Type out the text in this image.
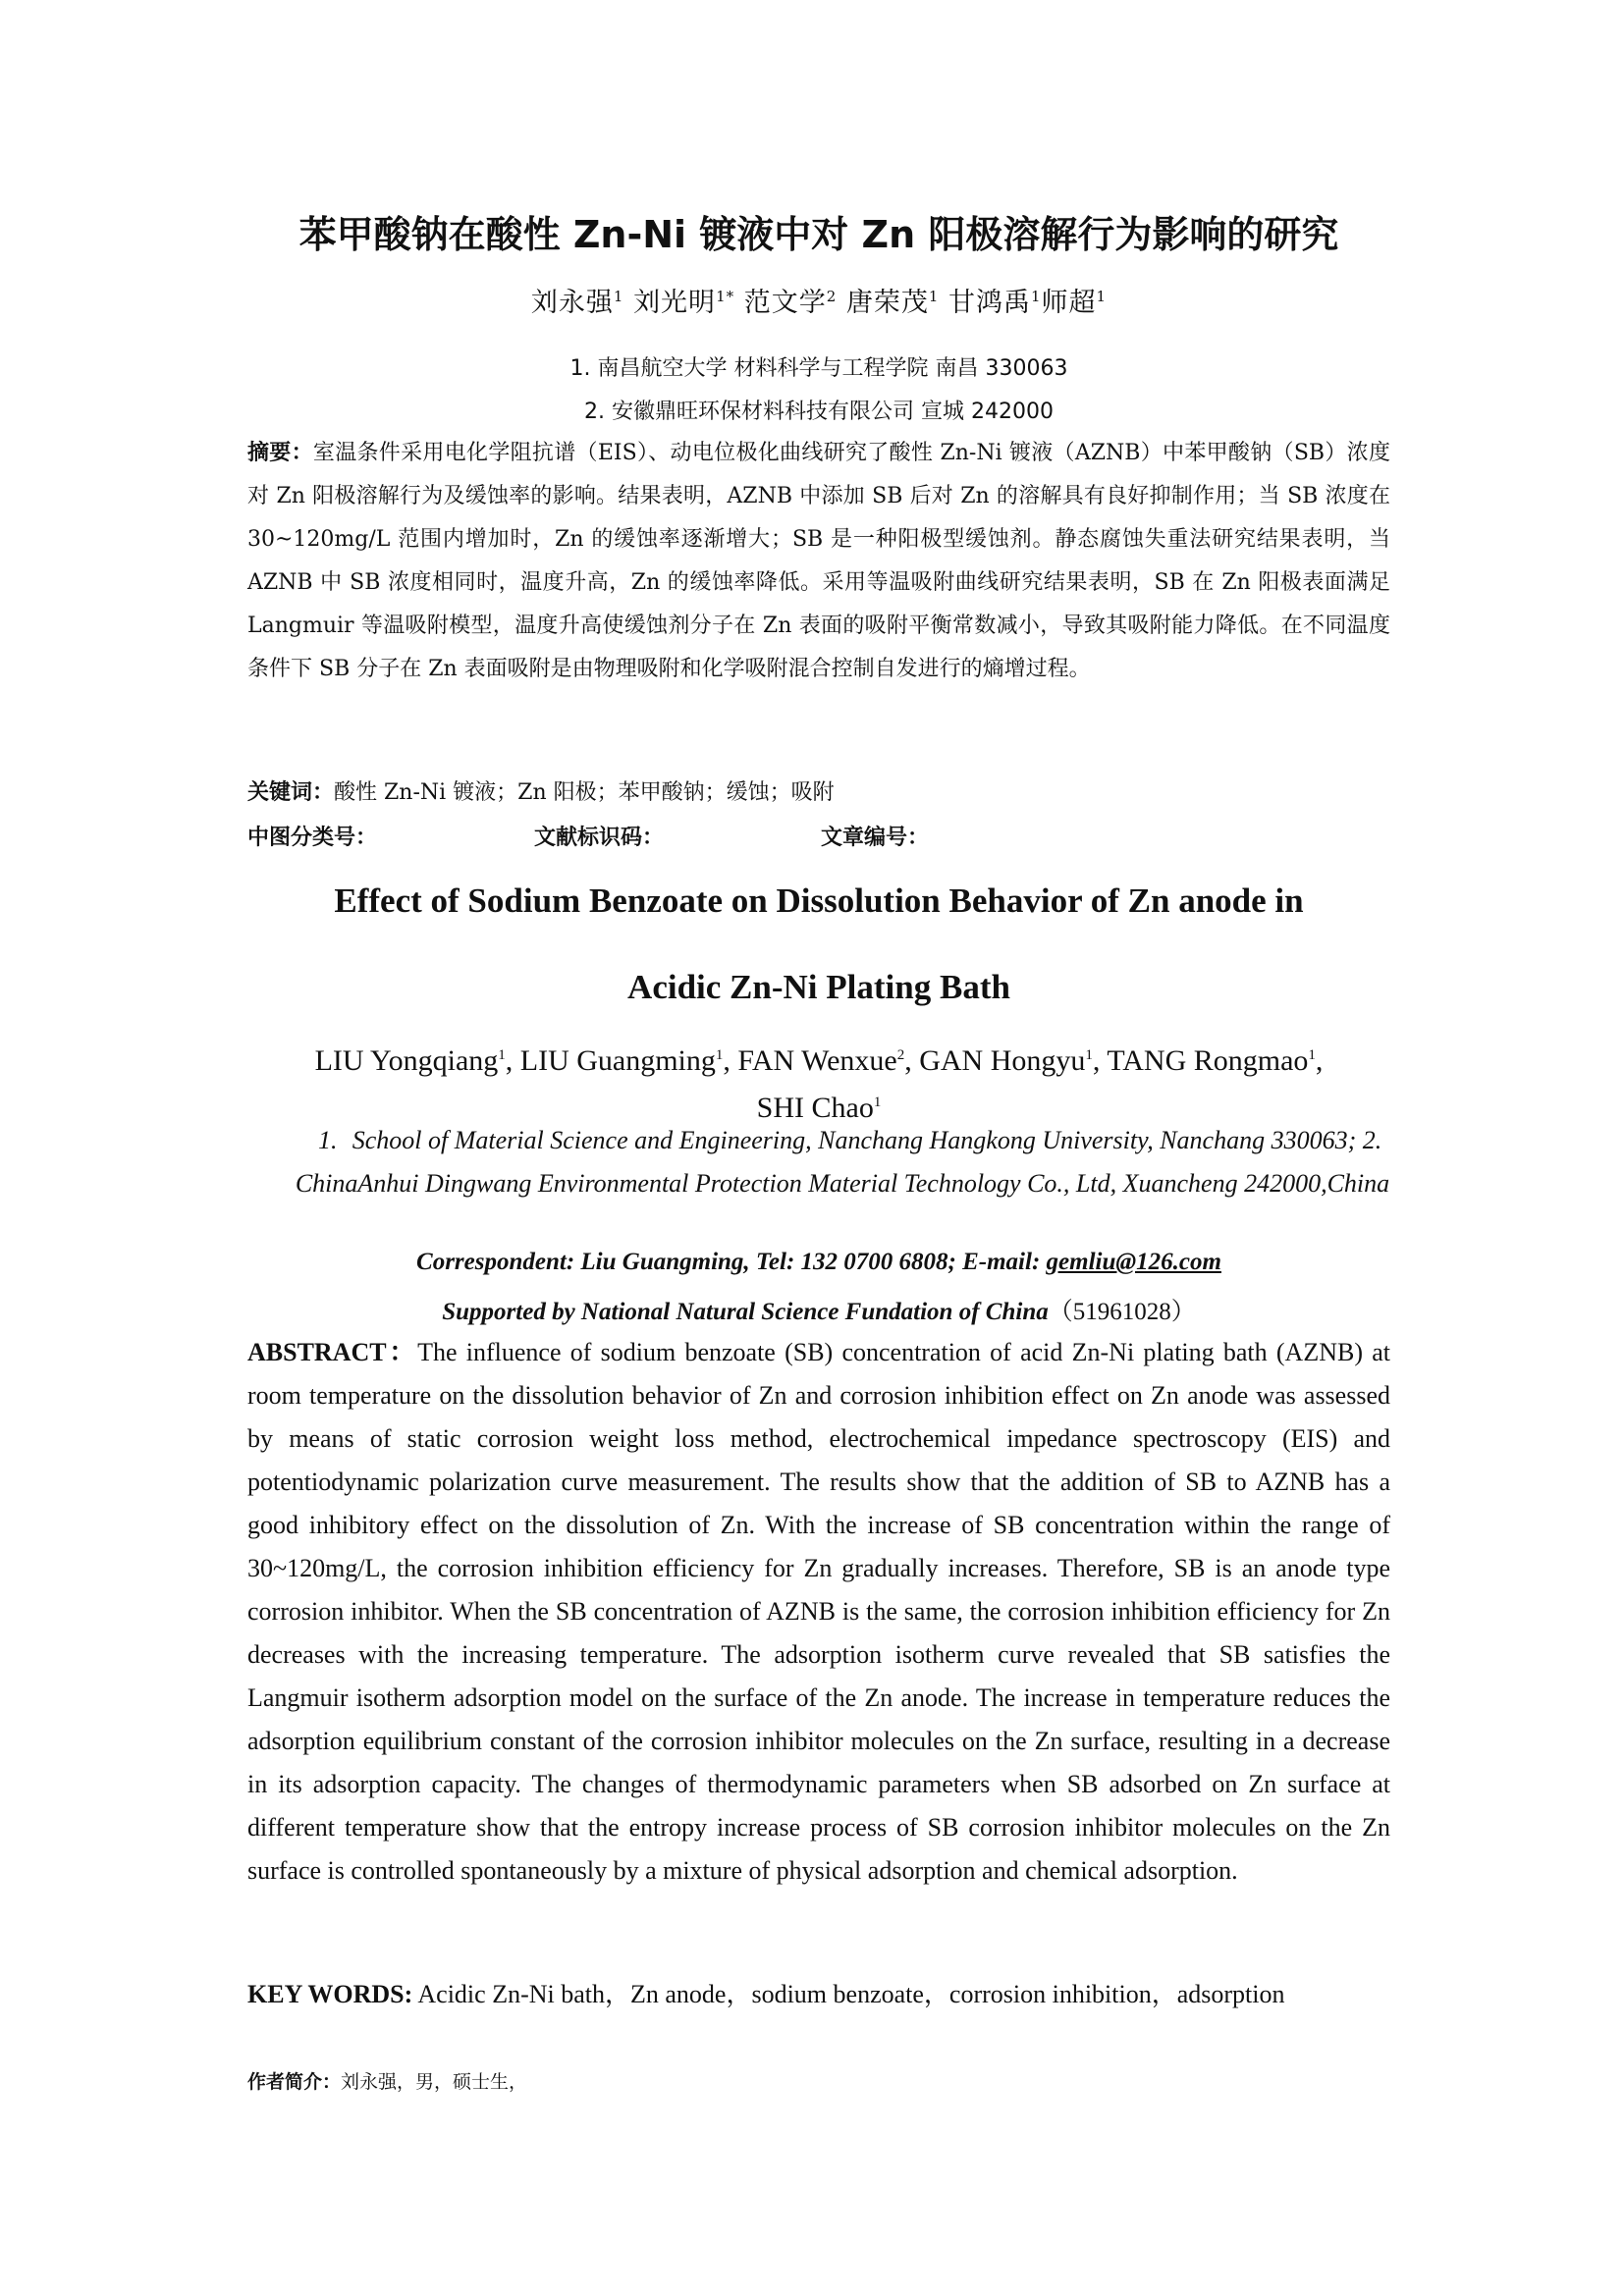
苯甲酸钠在酸性 Zn-Ni 镀液中对 Zn 阳极溶解行为影响的研究
刘永强$^1$ 刘光明$^{1*}$ 范文学$^2$ 唐荣茂$^1$ 甘鸿禹$^1$师超$^1$
1. 南昌航空大学 材料科学与工程学院 南昌 330063
2. 安徽鼎旺环保材料科技有限公司 宣城 242000
摘要：室温条件采用电化学阻抗谱（EIS）、动电位极化曲线研究了酸性 Zn-Ni 镀液（AZNB）中苯甲酸钠（SB）浓度对 Zn 阳极溶解行为及缓蚀率的影响。结果表明，AZNB 中添加 SB 后对 Zn 的溶解具有良好抑制作用；当 SB 浓度在 30~120mg/L 范围内增加时，Zn 的缓蚀率逐渐增大；SB 是一种阳极型缓蚀剂。静态腐蚀失重法研究结果表明，当 AZNB 中 SB 浓度相同时，温度升高，Zn 的缓蚀率降低。采用等温吸附曲线研究结果表明，SB 在 Zn 阳极表面满足 Langmuir 等温吸附模型，温度升高使缓蚀剂分子在 Zn 表面的吸附平衡常数减小，导致其吸附能力降低。在不同温度条件下 SB 分子在 Zn 表面吸附是由物理吸附和化学吸附混合控制自发进行的熵增过程。
关键词：酸性 Zn-Ni 镀液；Zn 阳极；苯甲酸钠；缓蚀；吸附
中图分类号：	文献标识码：	文章编号：
Effect of Sodium Benzoate on Dissolution Behavior of Zn anode in
Acidic Zn-Ni Plating Bath
LIU Yongqiang$^1$, LIU Guangming$^1$, FAN Wenxue$^2$, GAN Hongyu$^1$, TANG Rongmao$^1$,
SHI Chao$^1$
1. School of Material Science and Engineering, Nanchang Hangkong University, Nanchang 330063; 2. ChinaAnhui Dingwang Environmental Protection Material Technology Co., Ltd, Xuancheng 242000,China
Correspondent: Liu Guangming, Tel: 132 0700 6808; E-mail: gemliu@126.com
Supported by National Natural Science Fundation of China（51961028）
ABSTRACT：The influence of sodium benzoate (SB) concentration of acid Zn-Ni plating bath (AZNB) at room temperature on the dissolution behavior of Zn and corrosion inhibition effect on Zn anode was assessed by means of static corrosion weight loss method, electrochemical impedance spectroscopy (EIS) and potentiodynamic polarization curve measurement. The results show that the addition of SB to AZNB has a good inhibitory effect on the dissolution of Zn. With the increase of SB concentration within the range of 30~120mg/L, the corrosion inhibition efficiency for Zn gradually increases. Therefore, SB is an anode type corrosion inhibitor. When the SB concentration of AZNB is the same, the corrosion inhibition efficiency for Zn decreases with the increasing temperature. The adsorption isotherm curve revealed that SB satisfies the Langmuir isotherm adsorption model on the surface of the Zn anode. The increase in temperature reduces the adsorption equilibrium constant of the corrosion inhibitor molecules on the Zn surface, resulting in a decrease in its adsorption capacity. The changes of thermodynamic parameters when SB adsorbed on Zn surface at different temperature show that the entropy increase process of SB corrosion inhibitor molecules on the Zn surface is controlled spontaneously by a mixture of physical adsorption and chemical adsorption.
KEY WORDS: Acidic Zn-Ni bath，Zn anode，sodium benzoate，corrosion inhibition，adsorption
作者简介：刘永强，男，硕士生，
